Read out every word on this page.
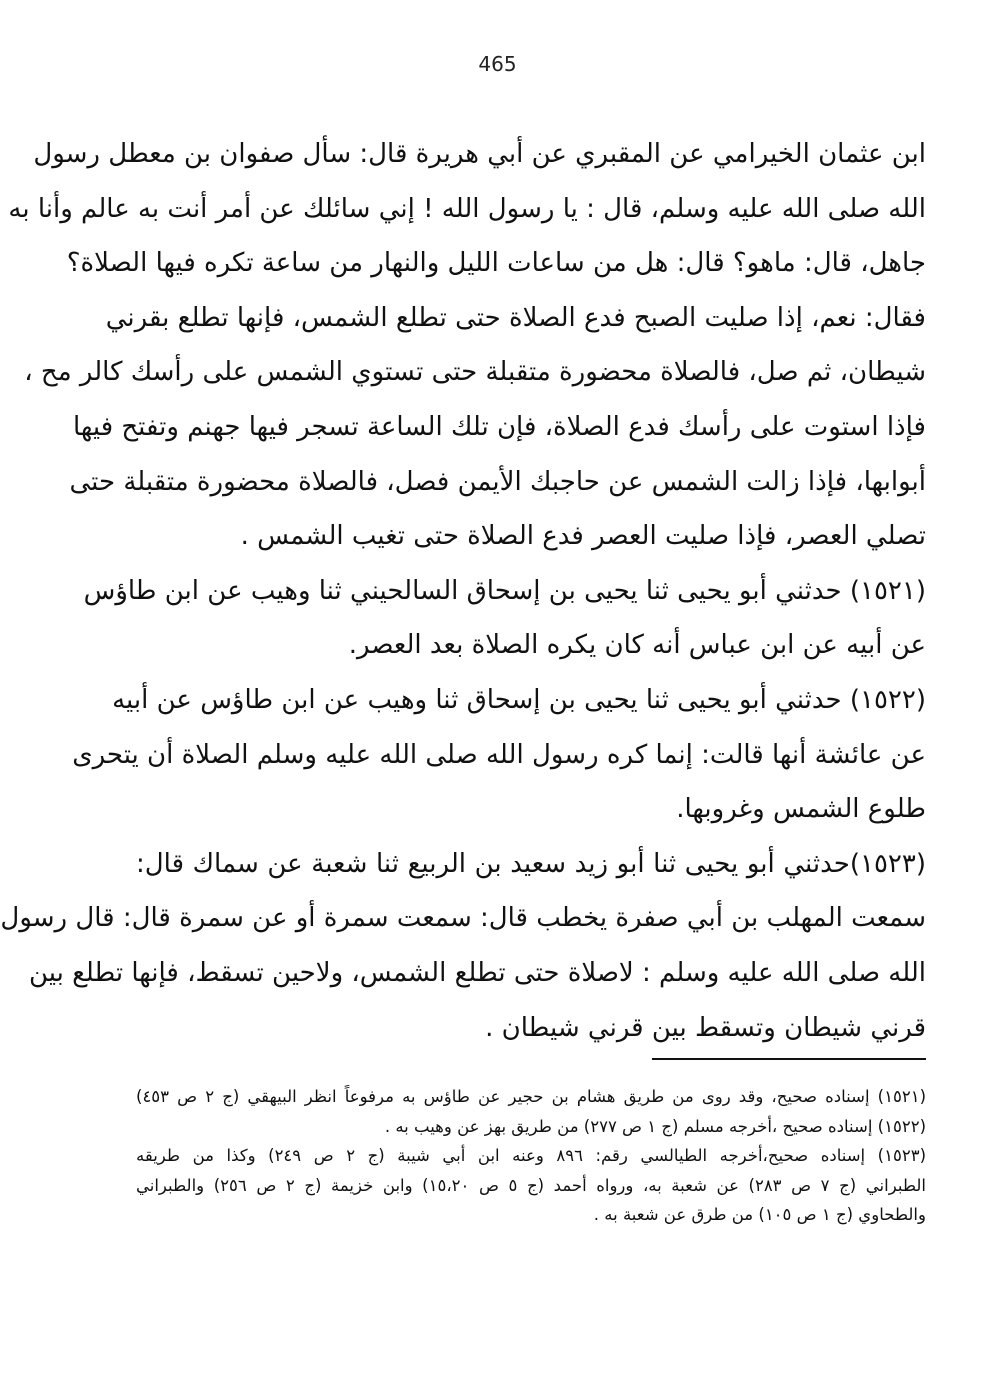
465
ابن عثمان الخيرامي عن المقبري عن أبي هريرة قال: سأل صفوان بن معطل رسول
الله صلى الله عليه وسلم، قال : يا رسول الله ! إني سائلك عن أمر أنت به عالم وأنا به
جاهل، قال: ماهو؟ قال: هل من ساعات الليل والنهار من ساعة تكره فيها الصلاة؟
فقال: نعم، إذا صليت الصبح فدع الصلاة حتى تطلع الشمس، فإنها تطلع بقرني
شيطان، ثم صل، فالصلاة محضورة متقبلة حتى تستوي الشمس على رأسك كالر مح ،
فإذا استوت على رأسك فدع الصلاة، فإن تلك الساعة تسجر فيها جهنم وتفتح فيها
أبوابها، فإذا زالت الشمس عن حاجبك الأيمن فصل، فالصلاة محضورة متقبلة حتى
تصلي العصر، فإذا صليت العصر فدع الصلاة حتى تغيب الشمس .
(١٥٢١) حدثني أبو يحيى ثنا يحيى بن إسحاق السالحيني ثنا وهيب عن ابن طاؤس
عن أبيه عن ابن عباس أنه كان يكره الصلاة بعد العصر.
(١٥٢٢) حدثني أبو يحيى ثنا يحيى بن إسحاق ثنا وهيب عن ابن طاؤس عن أبيه
عن عائشة أنها قالت: إنما كره رسول الله صلى الله عليه وسلم الصلاة أن يتحرى
طلوع الشمس وغروبها.
(١٥٢٣)حدثني أبو يحيى ثنا أبو زيد سعيد بن الربيع ثنا شعبة عن سماك قال:
سمعت المهلب بن أبي صفرة يخطب قال: سمعت سمرة أو عن سمرة قال: قال رسول
الله صلى الله عليه وسلم : لاصلاة حتى تطلع الشمس، ولاحين تسقط، فإنها تطلع بين
قرني شيطان وتسقط بين قرني شيطان .
(١٥٢١) إسناده صحيح، وقد روى من طريق هشام بن حجير عن طاؤس به مرفوعاً انظر البيهقي (ج ٢ ص ٤٥٣)
(١٥٢٢) إسناده صحيح ،أخرجه مسلم (ج ١ ص ٢٧٧) من طريق بهز عن وهيب به .
(١٥٢٣) إسناده صحيح،أخرجه الطيالسي رقم: ٨٩٦ وعنه ابن أبي شيبة (ج ٢ ص ٢٤٩) وكذا من طريقه
الطبراني (ج ٧ ص ٢٨٣) عن شعبة به، ورواه أحمد (ج ٥ ص ١٥،٢٠) وابن خزيمة (ج ٢ ص ٢٥٦) والطبراني
والطحاوي (ج ١ ص ١٠٥) من طرق عن شعبة به .
